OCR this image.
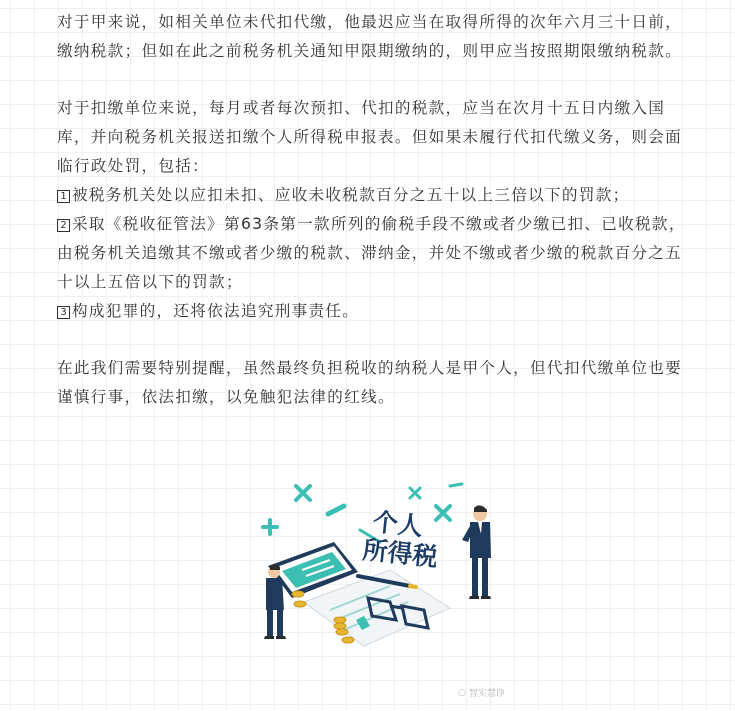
对于甲来说，如相关单位未代扣代缴，他最迟应当在取得所得的次年六月三十日前，缴纳税款；但如在此之前税务机关通知甲限期缴纳的，则甲应当按照期限缴纳税款。

对于扣缴单位来说，每月或者每次预扣、代扣的税款，应当在次月十五日内缴入国库，并向税务机关报送扣缴个人所得税申报表。但如果未履行代扣代缴义务，则会面临行政处罚，包括：

1 被税务机关处以应扣未扣、应收未收税款百分之五十以上三倍以下的罚款；

2 采取《税收征管法》第63条第一款所列的偷税手段不缴或者少缴已扣、已收税款，由税务机关追缴其不缴或者少缴的税款、滞纳金，并处不缴或者少缴的税款百分之五十以上五倍以下的罚款；

3 构成犯罪的，还将依法追究刑事责任。

在此我们需要特别提醒，虽然最终负担税收的纳税人是甲个人，但代扣代缴单位也要谨慎行事，依法扣缴，以免触犯法律的红线。

个人
所得税
○ 智实慧诤
